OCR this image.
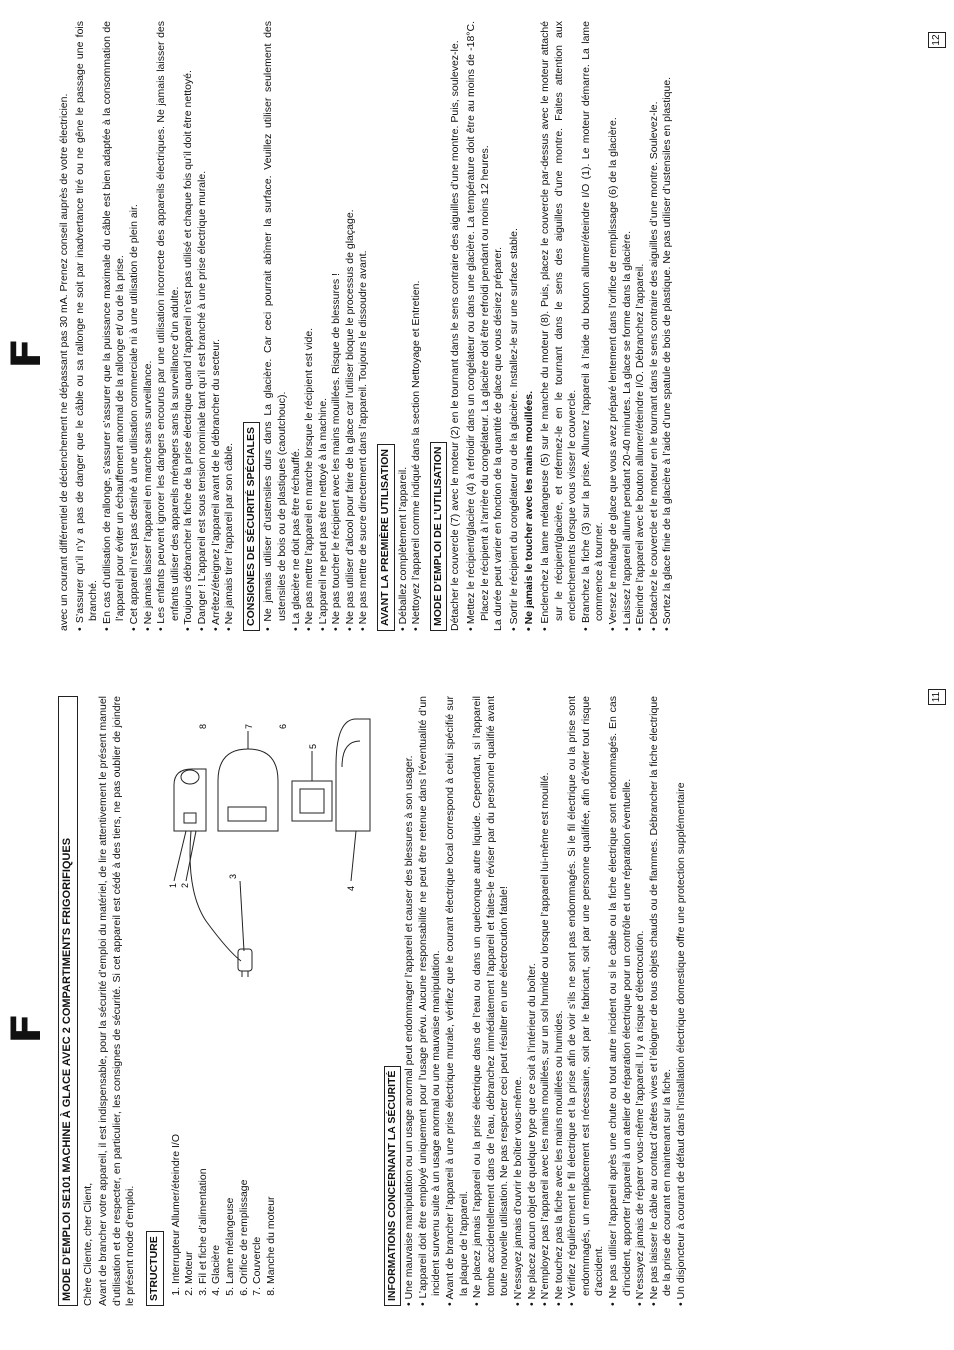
F MODE D’EMPLOI SE101 MACHINE À GLACE AVEC 2 COMPARTIMENTS FRIGORIFIQUES Chère Cliente, cher Client, Avant de brancher votre appareil, il est indispensable, pour la sécurité d’emploi du matériel, de lire attentivement le présent manuel d’utilisation et de respecter, en particulier, les consignes de sécurité. Si cet appareil est cédé à des tiers, ne pas oublier de joindre le présent mode d’emploi. STRUCTURE 1. Interrupteur Allumer/éteindre I/O 2. Moteur 3. Fil et fiche d’alimentation 4. Glacière 5. Lame mélangeuse 6. Orifice de remplissage 7. Couvercle 8. Manche du moteur
1 2
3
4
5
6
7
8
INFORMATIONS CONCERNANT LA SÉCURITÉ • Une mauvaise manipulation ou un usage anormal peut endommager l’appareil et causer des blessures à son usager. • L’appareil doit être employé uniquement pour l’usage prévu. Aucune responsabilité ne peut être retenue dans l’éventualité d’un incident survenu suite à un usage anormal ou une mauvaise manipulation. • Avant de brancher l’appareil à une prise électrique murale, vérifiez que le courant électrique local correspond à celui spécifié sur la plaque de l’appareil. • Ne placez jamais l’appareil ou la prise électrique dans de l’eau ou dans un quelconque autre liquide. Cependant, si l’appareil tombe accidentellement dans de l’eau, débranchez immédiatement l’appareil et faites-le réviser par du personnel qualifié avant toute nouvelle utilisation. Ne pas respecter ceci peut résulter en une électrocution fatale! • N’essayez jamais d’ouvrir le boîtier vous-même. • Ne placez aucun objet de quelque type que ce soit à l’intérieur du boîter. • N’employez pas l’appareil avec les mains mouillées, sur un sol humide ou lorsque l’appareil lui-même est mouillé. • Ne touchez pas la fiche avec les mains mouillées ou humides. • Vérifiez régulièrement le fil électrique et la prise afin de voir s’ils ne sont pas endommagés. Si le fil électrique ou la prise sont endommagés, un remplacement est nécessaire, soit par le fabricant, soit par une personne qualifiée, afin d’éviter tout risque d’accident. • Ne pas utiliser l’appareil après une chute ou tout autre incident ou si le câble ou la fiche électrique sont endommagés. En cas d’incident, apporter l’appareil à un atelier de réparation électrique pour un contrôle et une réparation éventuelle. • N’essayez jamais de réparer vous-même l’appareil. Il y a risque d’électrocution. • Ne pas laisser le câble au contact d’arêtes vives et l’éloigner de tous objets chauds ou de flammes. Débrancher la fiche électrique de la prise de courant en maintenant sur la fiche. • Un disjoncteur à courant de défaut dans l’installation électrique domestique offre une protection supplémentaire

11
F avec un courant différentiel de déclenchement ne dépassant pas 30 mA. Prenez conseil auprès de votre électricien. • S’assurer qu’il n’y a pas de danger que le câble ou sa rallonge ne soit par inadvertance tiré ou ne gêne le passage une fois branché. • En cas d’utilisation de rallonge, s’assurer s’assurer que la puissance maximale du câble est bien adaptée à la consommation de l’appareil pour éviter un échauffement anormal de la rallonge et/ ou de la prise. • Cet appareil n’est pas destiné à une utilisation commerciale ni à une utilisation de plein air. • Ne jamais laisser l’appareil en marche sans surveillance. • Les enfants peuvent ignorer les dangers encourus par une utilisation incorrecte des appareils électriques. Ne jamais laisser des enfants utiliser des appareils ménagers sans la surveillance d’un adulte. • Toujours débrancher la fiche de la prise électrique quand l’appareil n’est pas utilisé et chaque fois qu’il doit être nettoyé. • Danger ! L’appareil est sous tension nominale tant qu’il est branché à une prise électrique murale. • Arrêtez/éteignez l’appareil avant de le débrancher du secteur. • Ne jamais tirer l’appareil par son câble. CONSIGNES DE SÉCURITÉ SPÉCIALES • Ne jamais utiliser d’ustensiles durs dans La glacière. Car ceci pourrait abîmer la surface. Veuillez utiliser seulement des ustensiles de bois ou de plastiques (caoutchouc). • La glacière ne doit pas être réchauffé. • Ne pas mettre l’appareil en marche lorsque le récipient est vide. • L’appareil ne peut pas être nettoyé à la machine. • Ne pas toucher le récipient avec les mains mouillées. Risque de blessures ! • Ne pas utiliser d’alcool pour faire de la glace car l’utiliser bloque le processus de glaçage. • Ne pas mettre de sucre directement dans l’appareil. Toujours le dissoudre avant. AVANT LA PREMIÈRE UTILISATION • Déballez complètement l’appareil. • Nettoyez l’appareil comme indiqué dans la section Nettoyage et Entretien. MODE D’EMPLOI DE L’UTILISATION Détacher le couvercle (7) avec le moteur (2) en le tournant dans le sens contraire des aiguilles d’une montre. Puis, soulevez-le. • Mettez le récipient/glacière (4) à refroidir dans un congélateur ou dans une glacière. La température doit être au moins de -18°C. Placez le récipient à l’arrière du congélateur. La glacière doit être refroidi pendant ou moins 12 heures. La durée peut varier en fonction de la quantité de glace que vous désirez préparer. • Sortir le récipient du congélateur ou de la glacière. Installez-le sur une surface stable. • Ne jamais le toucher avec les mains mouillées. • Enclenchez la lame mélangeuse (5) sur le manche du moteur (8). Puis, placez le couvercle par-dessus avec le moteur attaché sur le récipient/glacière, et refermez-le en le tournant dans le sens des aiguilles d’une montre. Faites attention aux enclenchements lorsque vous visser le couvercle. • Branchez la fiche (3) sur la prise. Allumez l’appareil à l’aide du bouton allumer/éteindre I/O (1). Le moteur démarre. La lame commence à tourner. • Versez le mélange de glace que vous avez préparé lentement dans l’orifice de remplissage (6) de la glacière. • Laissez l’appareil allumé pendant 20-40 minutes. La glace se forme dans la glacière. • Eteindre l’appareil avec le bouton allumer/éteindre I/O. Débranchez l’appareil. • Détachez le couvercle et le moteur en le tournant dans le sens contraire des aiguilles d’une montre. Soulevez-le. • Sortez la glace finie de la glacière à l’aide d’une spatule de bois de plastique. Ne pas utiliser d’ustensiles en plastique.

12
